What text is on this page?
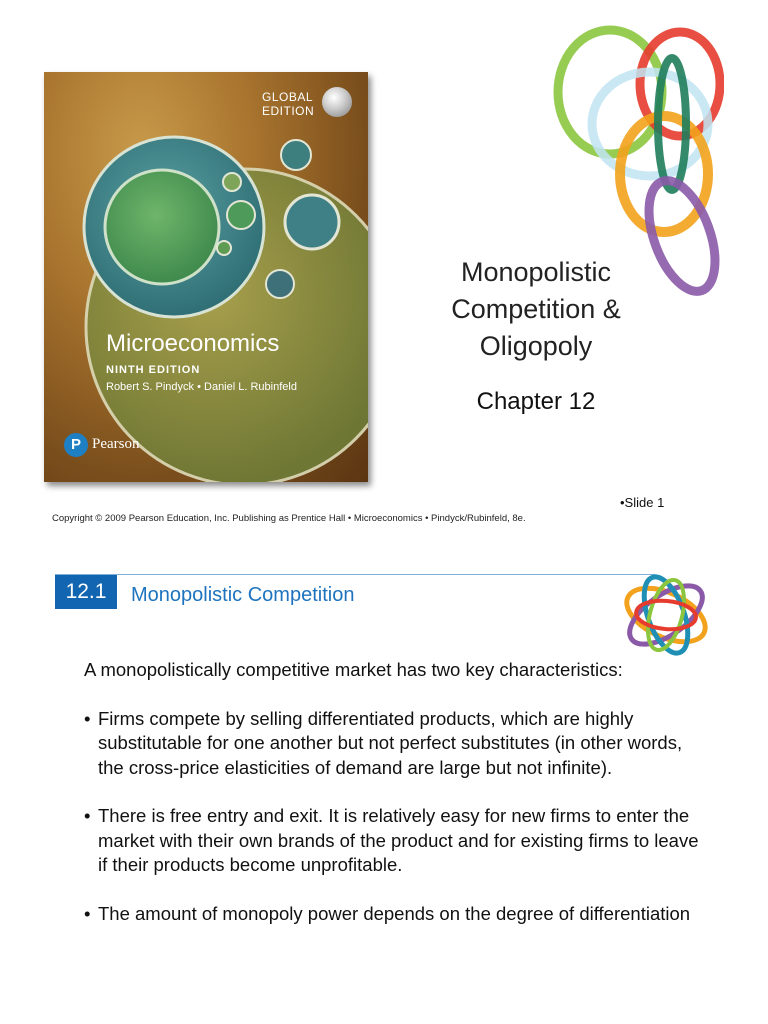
GLOBAL
EDITION
Microeconomics
NINTH EDITION
Robert S. Pindyck • Daniel L. Rubinfeld
P Pearson
Monopolistic
Competition &
Oligopoly
Chapter 12
•Slide 1
Copyright © 2009 Pearson Education, Inc. Publishing as Prentice Hall • Microeconomics • Pindyck/Rubinfeld, 8e.
12.1	Monopolistic Competition

A monopolistically competitive market has two key characteristics:

• Firms compete by selling differentiated products, which are highly substitutable for one another but not perfect substitutes (in other words, the cross-price elasticities of demand are large but not infinite).
• There is free entry and exit. It is relatively easy for new firms to enter the market with their own brands of the product and for existing firms to leave if their products become unprofitable.
• The amount of monopoly power depends on the degree of differentiation
